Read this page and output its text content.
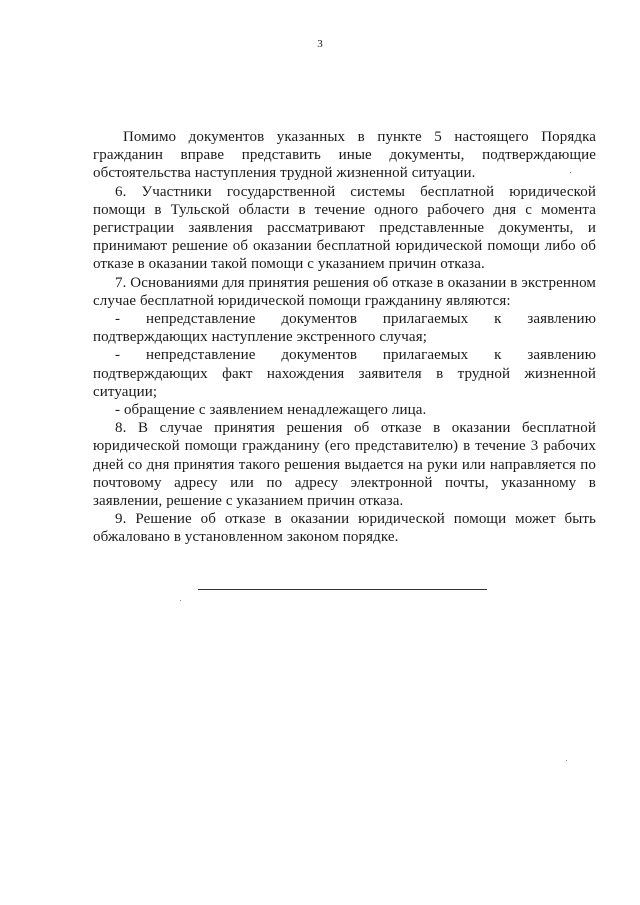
3

Помимо документов указанных в пункте 5 настоящего Порядка гражданин вправе представить иные документы, подтверждающие обстоятельства наступления трудной жизненной ситуации.

6. Участники государственной системы бесплатной юридической помощи в Тульской области в течение одного рабочего дня с момента регистрации заявления рассматривают представленные документы, и принимают решение об оказании бесплатной юридической помощи либо об отказе в оказании такой помощи с указанием причин отказа.

7. Основаниями для принятия решения об отказе в оказании в экстренном случае бесплатной юридической помощи гражданину являются:

- непредставление документов прилагаемых к заявлению подтверждающих наступление экстренного случая;

- непредставление документов прилагаемых к заявлению подтверждающих факт нахождения заявителя в трудной жизненной ситуации;

- обращение с заявлением ненадлежащего лица.

8. В случае принятия решения об отказе в оказании бесплатной юридической помощи гражданину (его представителю) в течение 3 рабочих дней со дня принятия такого решения выдается на руки или направляется по почтовому адресу или по адресу электронной почты, указанному в заявлении, решение с указанием причин отказа.

9. Решение об отказе в оказании юридической помощи может быть обжаловано в установленном законом порядке.
